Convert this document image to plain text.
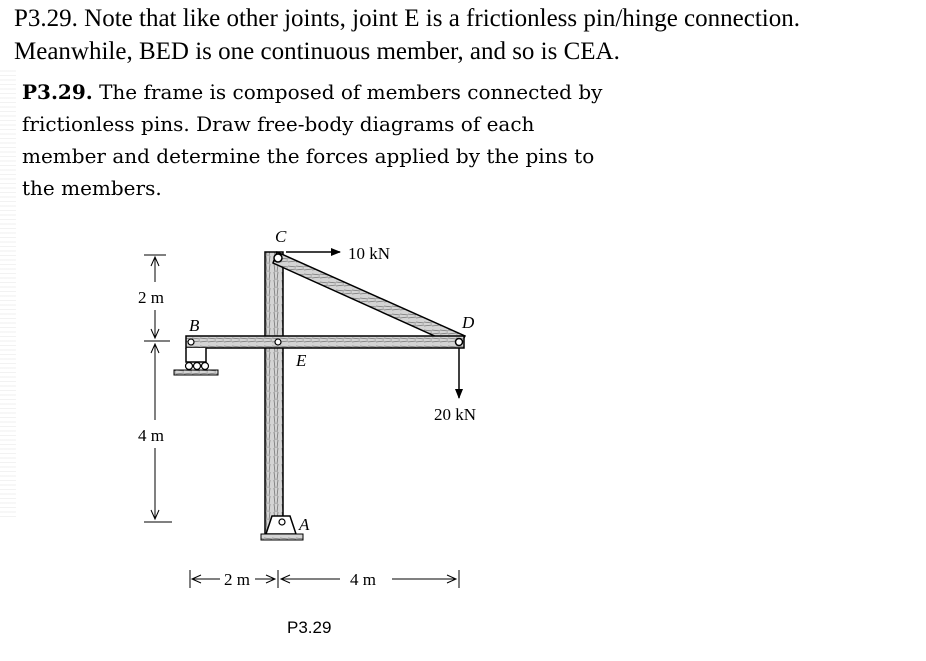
P3.29. Note that like other joints, joint E is a frictionless pin/hinge connection.
Meanwhile, BED is one continuous member, and so is CEA.

P3.29. The frame is composed of members connected by frictionless pins. Draw free-body diagrams of each member and determine the forces applied by the pins to the members.

C
B	D
E
A
10 kN
20 kN
2 m
4 m
2 m	4 m
P3.29
